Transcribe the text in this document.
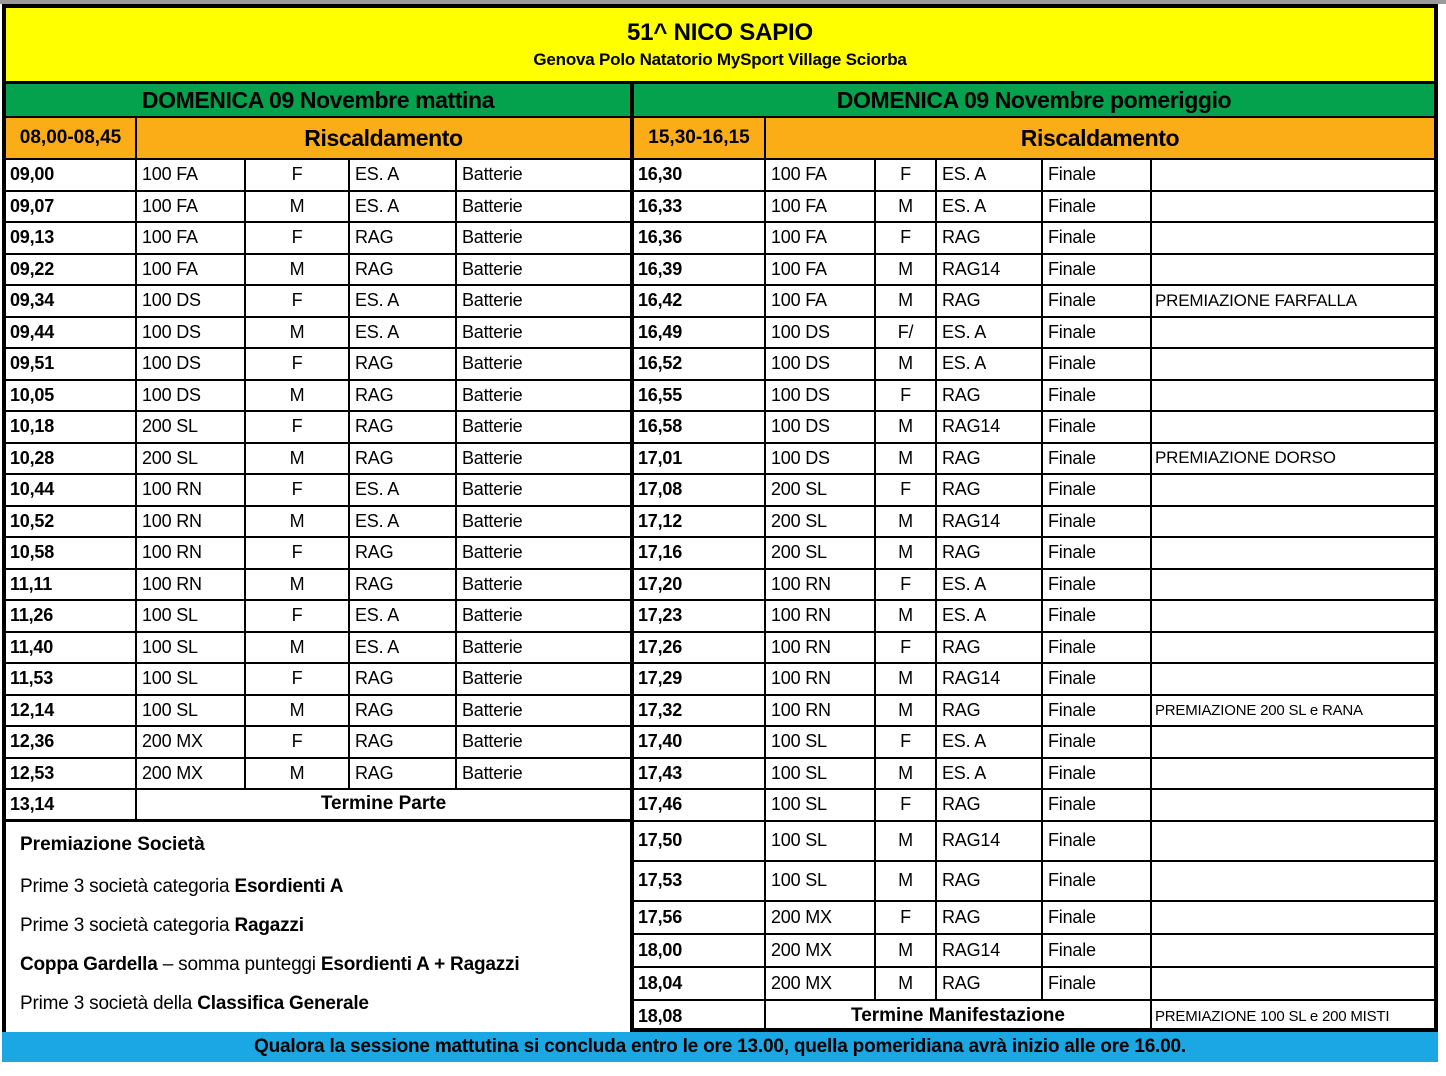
51^ NICO SAPIO
Genova Polo Natatorio MySport Village Sciorba
DOMENICA 09 Novembre mattina
08,00-08,45	Riscaldamento
09,00	100 FA	F	ES. A	Batterie
09,07	100 FA	M	ES. A	Batterie
09,13	100 FA	F	RAG	Batterie
09,22	100 FA	M	RAG	Batterie
09,34	100 DS	F	ES. A	Batterie
09,44	100 DS	M	ES. A	Batterie
09,51	100 DS	F	RAG	Batterie
10,05	100 DS	M	RAG	Batterie
10,18	200 SL	F	RAG	Batterie
10,28	200 SL	M	RAG	Batterie
10,44	100 RN	F	ES. A	Batterie
10,52	100 RN	M	ES. A	Batterie
10,58	100 RN	F	RAG	Batterie
11,11	100 RN	M	RAG	Batterie
11,26	100 SL	F	ES. A	Batterie
11,40	100 SL	M	ES. A	Batterie
11,53	100 SL	F	RAG	Batterie
12,14	100 SL	M	RAG	Batterie
12,36	200 MX	F	RAG	Batterie
12,53	200 MX	M	RAG	Batterie
13,14	Termine Parte
Premiazione Società
Prime 3 società categoria Esordienti A
Prime 3 società categoria Ragazzi
Coppa Gardella – somma punteggi Esordienti A + Ragazzi
Prime 3 società della Classifica Generale
DOMENICA 09 Novembre pomeriggio
15,30-16,15	Riscaldamento
16,30	100 FA	F	ES. A	Finale
16,33	100 FA	M	ES. A	Finale
16,36	100 FA	F	RAG	Finale
16,39	100 FA	M	RAG14	Finale
16,42	100 FA	M	RAG	Finale	PREMIAZIONE FARFALLA
16,49	100 DS	F/	ES. A	Finale
16,52	100 DS	M	ES. A	Finale
16,55	100 DS	F	RAG	Finale
16,58	100 DS	M	RAG14	Finale
17,01	100 DS	M	RAG	Finale	PREMIAZIONE DORSO
17,08	200 SL	F	RAG	Finale
17,12	200 SL	M	RAG14	Finale
17,16	200 SL	M	RAG	Finale
17,20	100 RN	F	ES. A	Finale
17,23	100 RN	M	ES. A	Finale
17,26	100 RN	F	RAG	Finale
17,29	100 RN	M	RAG14	Finale
17,32	100 RN	M	RAG	Finale	PREMIAZIONE 200 SL e RANA
17,40	100 SL	F	ES. A	Finale
17,43	100 SL	M	ES. A	Finale
17,46	100 SL	F	RAG	Finale
17,50	100 SL	M	RAG14	Finale
17,53	100 SL	M	RAG	Finale
17,56	200 MX	F	RAG	Finale
18,00	200 MX	M	RAG14	Finale
18,04	200 MX	M	RAG	Finale
18,08	Termine Manifestazione	PREMIAZIONE 100 SL e 200 MISTI
Qualora la sessione mattutina si concluda entro le ore 13.00, quella pomeridiana avrà inizio alle ore 16.00.
